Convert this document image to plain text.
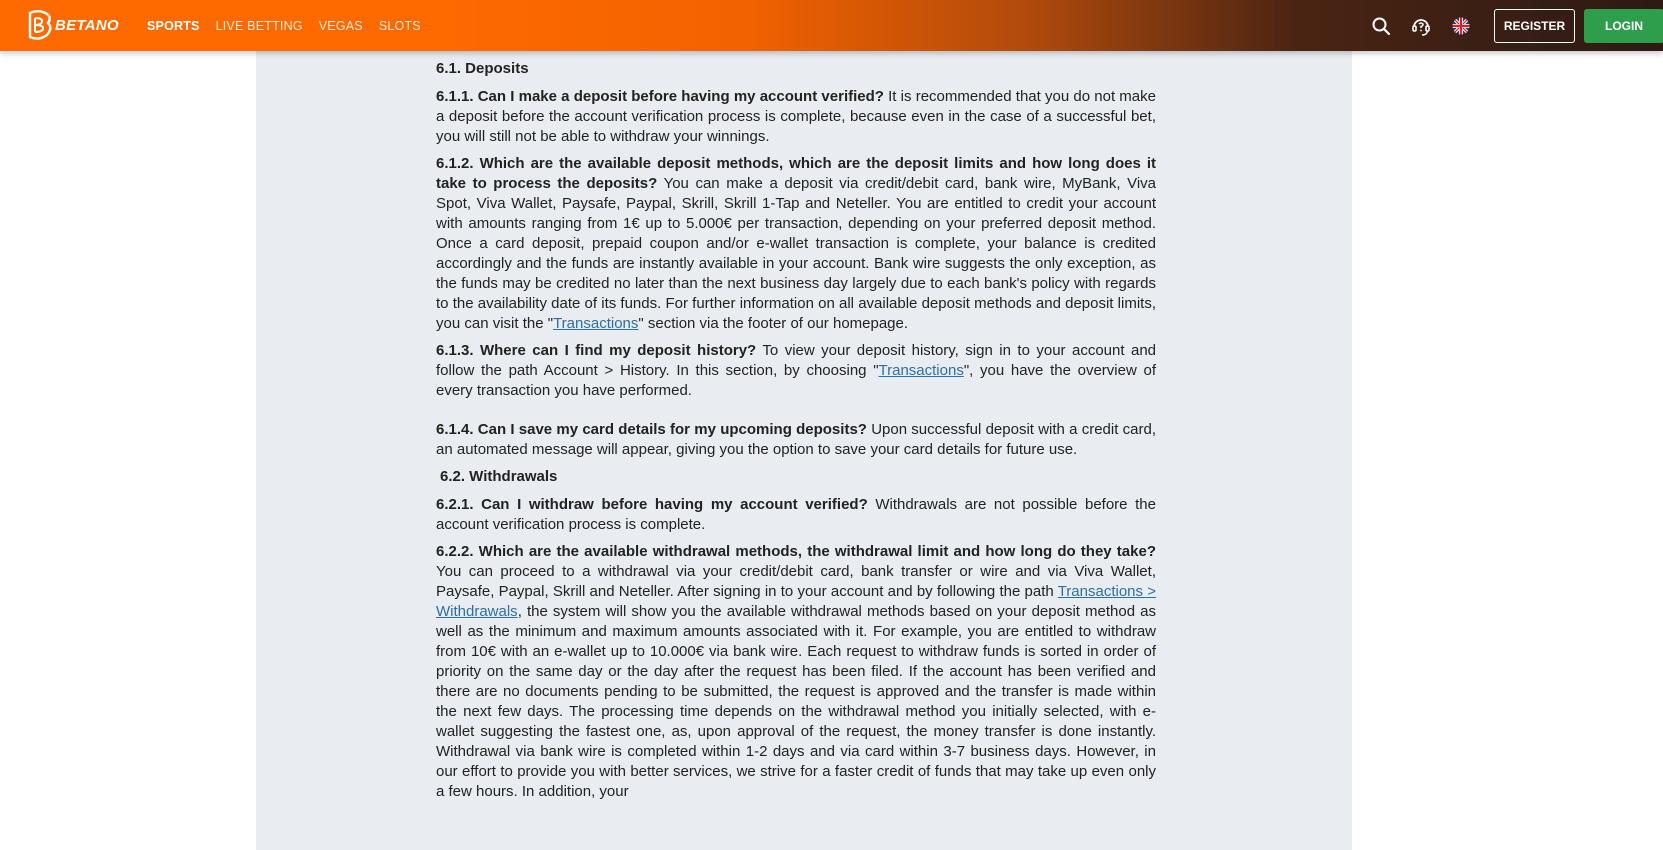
BETANO SPORTS LIVE BETTING VEGAS SLOTS	REGISTER	LOGIN
6.1. Deposits

6.1.1. Can I make a deposit before having my account verified? It is recommended that you do not make a deposit before the account verification process is complete, because even in the case of a successful bet, you will still not be able to withdraw your winnings.

6.1.2. Which are the available deposit methods, which are the deposit limits and how long does it take to process the deposits? You can make a deposit via credit/debit card, bank wire, MyBank, Viva Spot, Viva Wallet, Paysafe, Paypal, Skrill, Skrill 1-Tap and Neteller. You are entitled to credit your account with amounts ranging from 1€ up to 5.000€ per transaction, depending on your preferred deposit method. Once a card deposit, prepaid coupon and/or e-wallet transaction is complete, your balance is credited accordingly and the funds are instantly available in your account. Bank wire suggests the only exception, as the funds may be credited no later than the next business day largely due to each bank's policy with regards to the availability date of its funds. For further information on all available deposit methods and deposit limits, you can visit the "Transactions" section via the footer of our homepage.

6.1.3. Where can I find my deposit history? To view your deposit history, sign in to your account and follow the path Account > History. In this section, by choosing "Transactions", you have the overview of every transaction you have performed.

6.1.4. Can I save my card details for my upcoming deposits? Upon successful deposit with a credit card, an automated message will appear, giving you the option to save your card details for future use.

6.2. Withdrawals

6.2.1. Can I withdraw before having my account verified? Withdrawals are not possible before the account verification process is complete.

6.2.2. Which are the available withdrawal methods, the withdrawal limit and how long do they take? You can proceed to a withdrawal via your credit/debit card, bank transfer or wire and via Viva Wallet, Paysafe, Paypal, Skrill and Neteller. After signing in to your account and by following the path Transactions > Withdrawals, the system will show you the available withdrawal methods based on your deposit method as well as the minimum and maximum amounts associated with it. For example, you are entitled to withdraw from 10€ with an e-wallet up to 10.000€ via bank wire. Each request to withdraw funds is sorted in order of priority on the same day or the day after the request has been filed. If the account has been verified and there are no documents pending to be submitted, the request is approved and the transfer is made within the next few days. The processing time depends on the withdrawal method you initially selected, with e-wallet suggesting the fastest one, as, upon approval of the request, the money transfer is done instantly. Withdrawal via bank wire is completed within 1-2 days and via card within 3-7 business days. However, in our effort to provide you with better services, we strive for a faster credit of funds that may take up even only a few hours. In addition, your
